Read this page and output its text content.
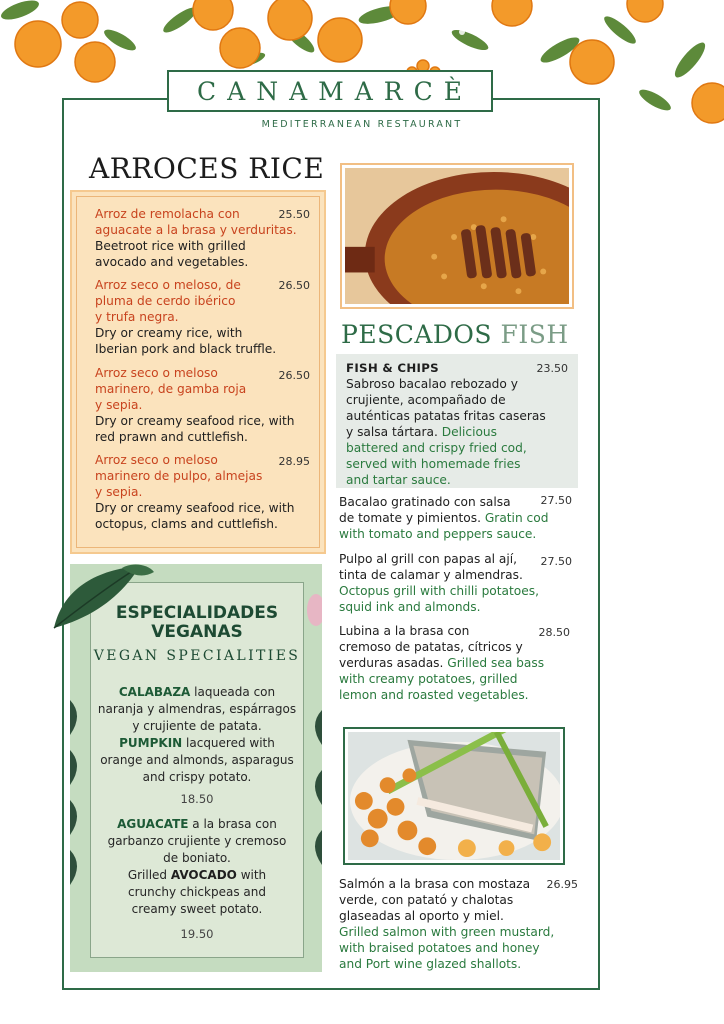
CANAMARCÈ
MEDITERRANEAN RESTAURANT
ARROCES RICE
Arroz de remolacha con
aguacate a la brasa y verduritas.
Beetroot rice with grilled
avocado and vegetables.
25.50
Arroz seco o meloso, de
pluma de cerdo ibérico
y trufa negra.
Dry or creamy rice, with
Iberian pork and black truffle.
26.50
Arroz seco o meloso
marinero, de gamba roja
y sepia.
Dry or creamy seafood rice, with
red prawn and cuttlefish.
26.50
Arroz seco o meloso
marinero de pulpo, almejas
y sepia.
Dry or creamy seafood rice, with
octopus, clams and cuttlefish.
28.95
ESPECIALIDADES
VEGANAS
VEGAN SPECIALITIES
CALABAZA laqueada con
naranja y almendras, espárragos
y crujiente de patata.
PUMPKIN lacquered with
orange and almonds, asparagus
and crispy potato.
18.50
AGUACATE a la brasa con
garbanzo crujiente y cremoso
de boniato.
Grilled AVOCADO with
crunchy chickpeas and
creamy sweet potato.
19.50
PESCADOS FISH
FISH & CHIPS
Sabroso bacalao rebozado y
crujiente, acompañado de
auténticas patatas fritas caseras
y salsa tártara. Delicious
battered and crispy fried cod,
served with homemade fries
and tartar sauce.
23.50
Bacalao gratinado con salsa
de tomate y pimientos. Gratin cod
with tomato and peppers sauce.
27.50
Pulpo al grill con papas al ají,
tinta de calamar y almendras.
Octopus grill with chilli potatoes,
squid ink and almonds.
27.50
Lubina a la brasa con
cremoso de patatas, cítricos y
verduras asadas. Grilled sea bass
with creamy potatoes, grilled
lemon and roasted vegetables.
28.50
Salmón a la brasa con mostaza
verde, con patató y chalotas
glaseadas al oporto y miel.
Grilled salmon with green mustard,
with braised potatoes and honey
and Port wine glazed shallots.
26.95
